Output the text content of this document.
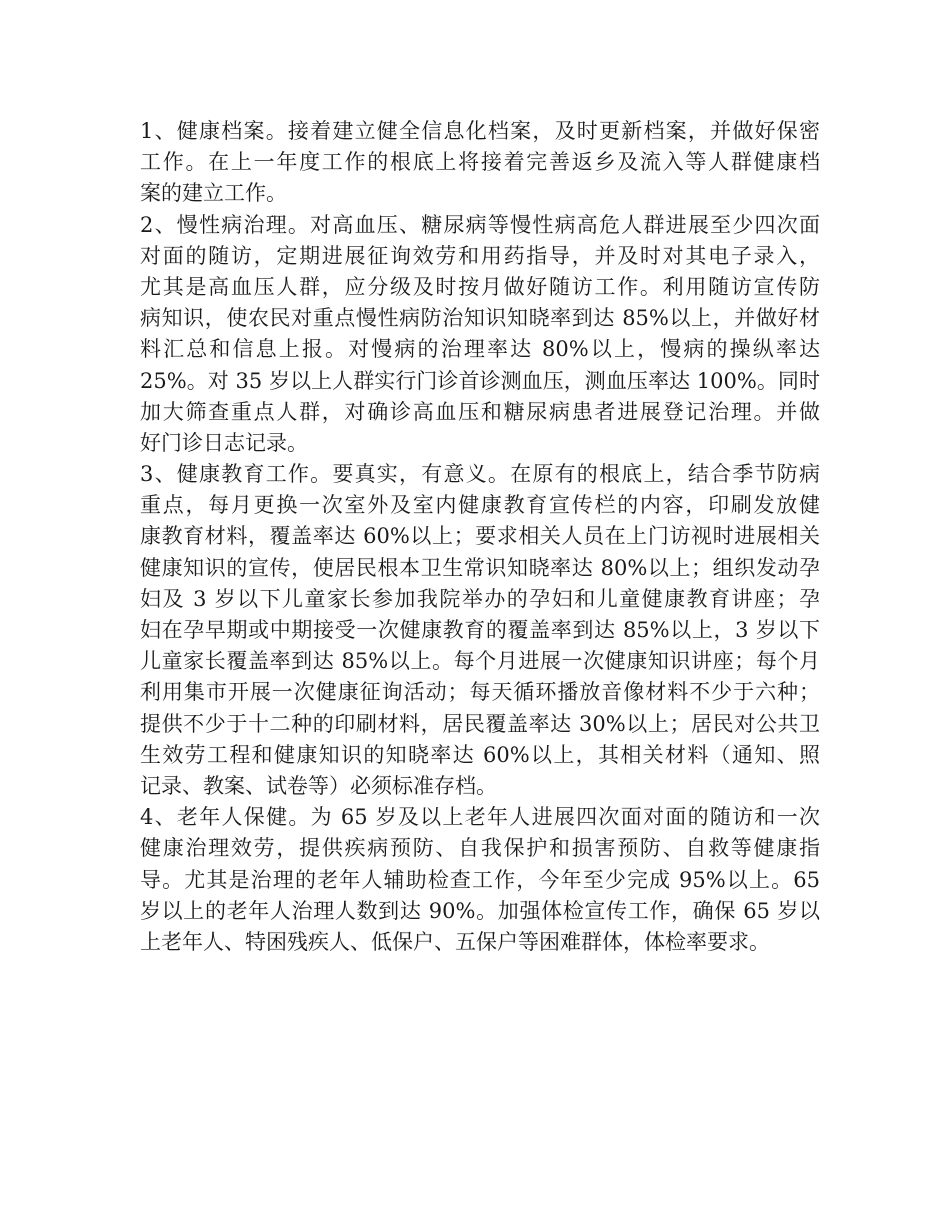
1、健康档案。接着建立健全信息化档案，及时更新档案，并做好保密
工作。在上一年度工作的根底上将接着完善返乡及流入等人群健康档
案的建立工作。
2、慢性病治理。对高血压、糖尿病等慢性病高危人群进展至少四次面
对面的随访，定期进展征询效劳和用药指导，并及时对其电子录入，
尤其是高血压人群，应分级及时按月做好随访工作。利用随访宣传防
病知识，使农民对重点慢性病防治知识知晓率到达 85%以上，并做好材
料汇总和信息上报。对慢病的治理率达 80%以上，慢病的操纵率达
25%。对 35 岁以上人群实行门诊首诊测血压，测血压率达 100%。同时
加大筛查重点人群，对确诊高血压和糖尿病患者进展登记治理。并做
好门诊日志记录。
3、健康教育工作。要真实，有意义。在原有的根底上，结合季节防病
重点，每月更换一次室外及室内健康教育宣传栏的内容，印刷发放健
康教育材料，覆盖率达 60%以上；要求相关人员在上门访视时进展相关
健康知识的宣传，使居民根本卫生常识知晓率达 80%以上；组织发动孕
妇及 3 岁以下儿童家长参加我院举办的孕妇和儿童健康教育讲座；孕
妇在孕早期或中期接受一次健康教育的覆盖率到达 85%以上，3 岁以下
儿童家长覆盖率到达 85%以上。每个月进展一次健康知识讲座；每个月
利用集市开展一次健康征询活动；每天循环播放音像材料不少于六种；
提供不少于十二种的印刷材料，居民覆盖率达 30%以上；居民对公共卫
生效劳工程和健康知识的知晓率达 60%以上，其相关材料（通知、照
记录、教案、试卷等）必须标准存档。
4、老年人保健。为 65 岁及以上老年人进展四次面对面的随访和一次
健康治理效劳，提供疾病预防、自我保护和损害预防、自救等健康指
导。尤其是治理的老年人辅助检查工作，今年至少完成 95%以上。65
岁以上的老年人治理人数到达 90%。加强体检宣传工作，确保 65 岁以
上老年人、特困残疾人、低保户、五保户等困难群体，体检率要求。
